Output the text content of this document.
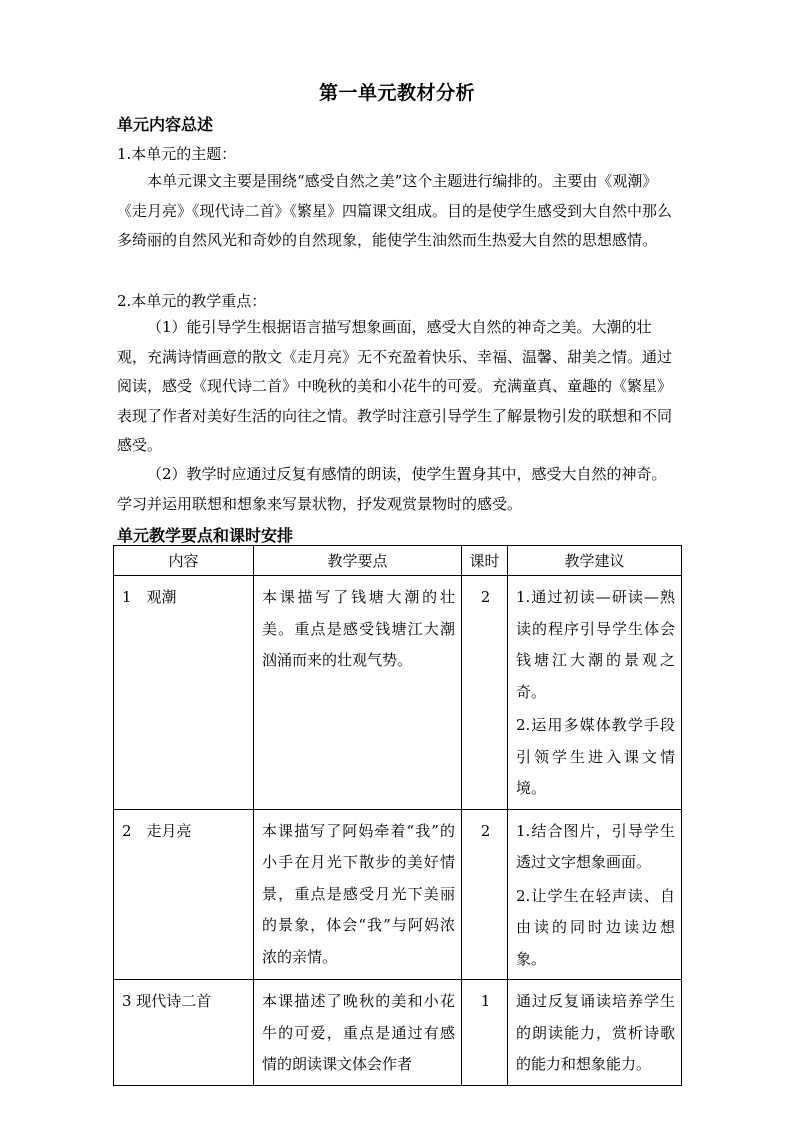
第一单元教材分析
单元内容总述
1.本单元的主题：
本单元课文主要是围绕“感受自然之美”这个主题进行编排的。主要由《观潮》《走月亮》《现代诗二首》《繁星》四篇课文组成。目的是使学生感受到大自然中那么多绮丽的自然风光和奇妙的自然现象，能使学生油然而生热爱大自然的思想感情。
2.本单元的教学重点：
（1）能引导学生根据语言描写想象画面，感受大自然的神奇之美。大潮的壮观，充满诗情画意的散文《走月亮》无不充盈着快乐、幸福、温馨、甜美之情。通过阅读，感受《现代诗二首》中晚秋的美和小花牛的可爱。充满童真、童趣的《繁星》表现了作者对美好生活的向往之情。教学时注意引导学生了解景物引发的联想和不同感受。
（2）教学时应通过反复有感情的朗读，使学生置身其中，感受大自然的神奇。学习并运用联想和想象来写景状物，抒发观赏景物时的感受。
单元教学要点和课时安排
内容	教学要点	课时	教学建议
1　观潮	本课描写了钱塘大潮的壮美。重点是感受钱塘江大潮汹涌而来的壮观气势。	2	1.通过初读—研读—熟读的程序引导学生体会钱塘江大潮的景观之奇。

2.运用多媒体教学手段引领学生进入课文情境。

2　走月亮	本课描写了阿妈牵着“我”的小手在月光下散步的美好情景，重点是感受月光下美丽的景象，体会“我”与阿妈浓浓的亲情。	2	1.结合图片，引导学生透过文字想象画面。

2.让学生在轻声读、自由读的同时边读边想象。

3 现代诗二首	本课描述了晚秋的美和小花牛的可爱，重点是通过有感情的朗读课文体会作者	1	通过反复诵读培养学生的朗读能力，赏析诗歌的能力和想象能力。
